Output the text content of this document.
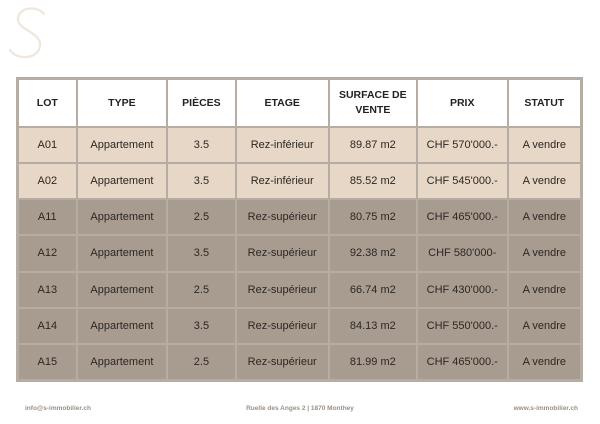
LOT	TYPE	PIÈCES	ETAGE	SURFACE DE VENTE	PRIX	STATUT
A01	Appartement	3.5	Rez-inférieur	89.87 m2	CHF 570'000.-	A vendre
A02	Appartement	3.5	Rez-inférieur	85.52 m2	CHF 545'000.-	A vendre
A11	Appartement	2.5	Rez-supérieur	80.75 m2	CHF 465'000.-	A vendre
A12	Appartement	3.5	Rez-supérieur	92.38 m2	CHF 580'000-	A vendre
A13	Appartement	2.5	Rez-supérieur	66.74 m2	CHF 430'000.-	A vendre
A14	Appartement	3.5	Rez-supérieur	84.13 m2	CHF 550'000.-	A vendre
A15	Appartement	2.5	Rez-supérieur	81.99 m2	CHF 465'000.-	A vendre
info@s-immobilier.ch	Ruelle des Anges 2 | 1870 Monthey	www.s-immobilier.ch
